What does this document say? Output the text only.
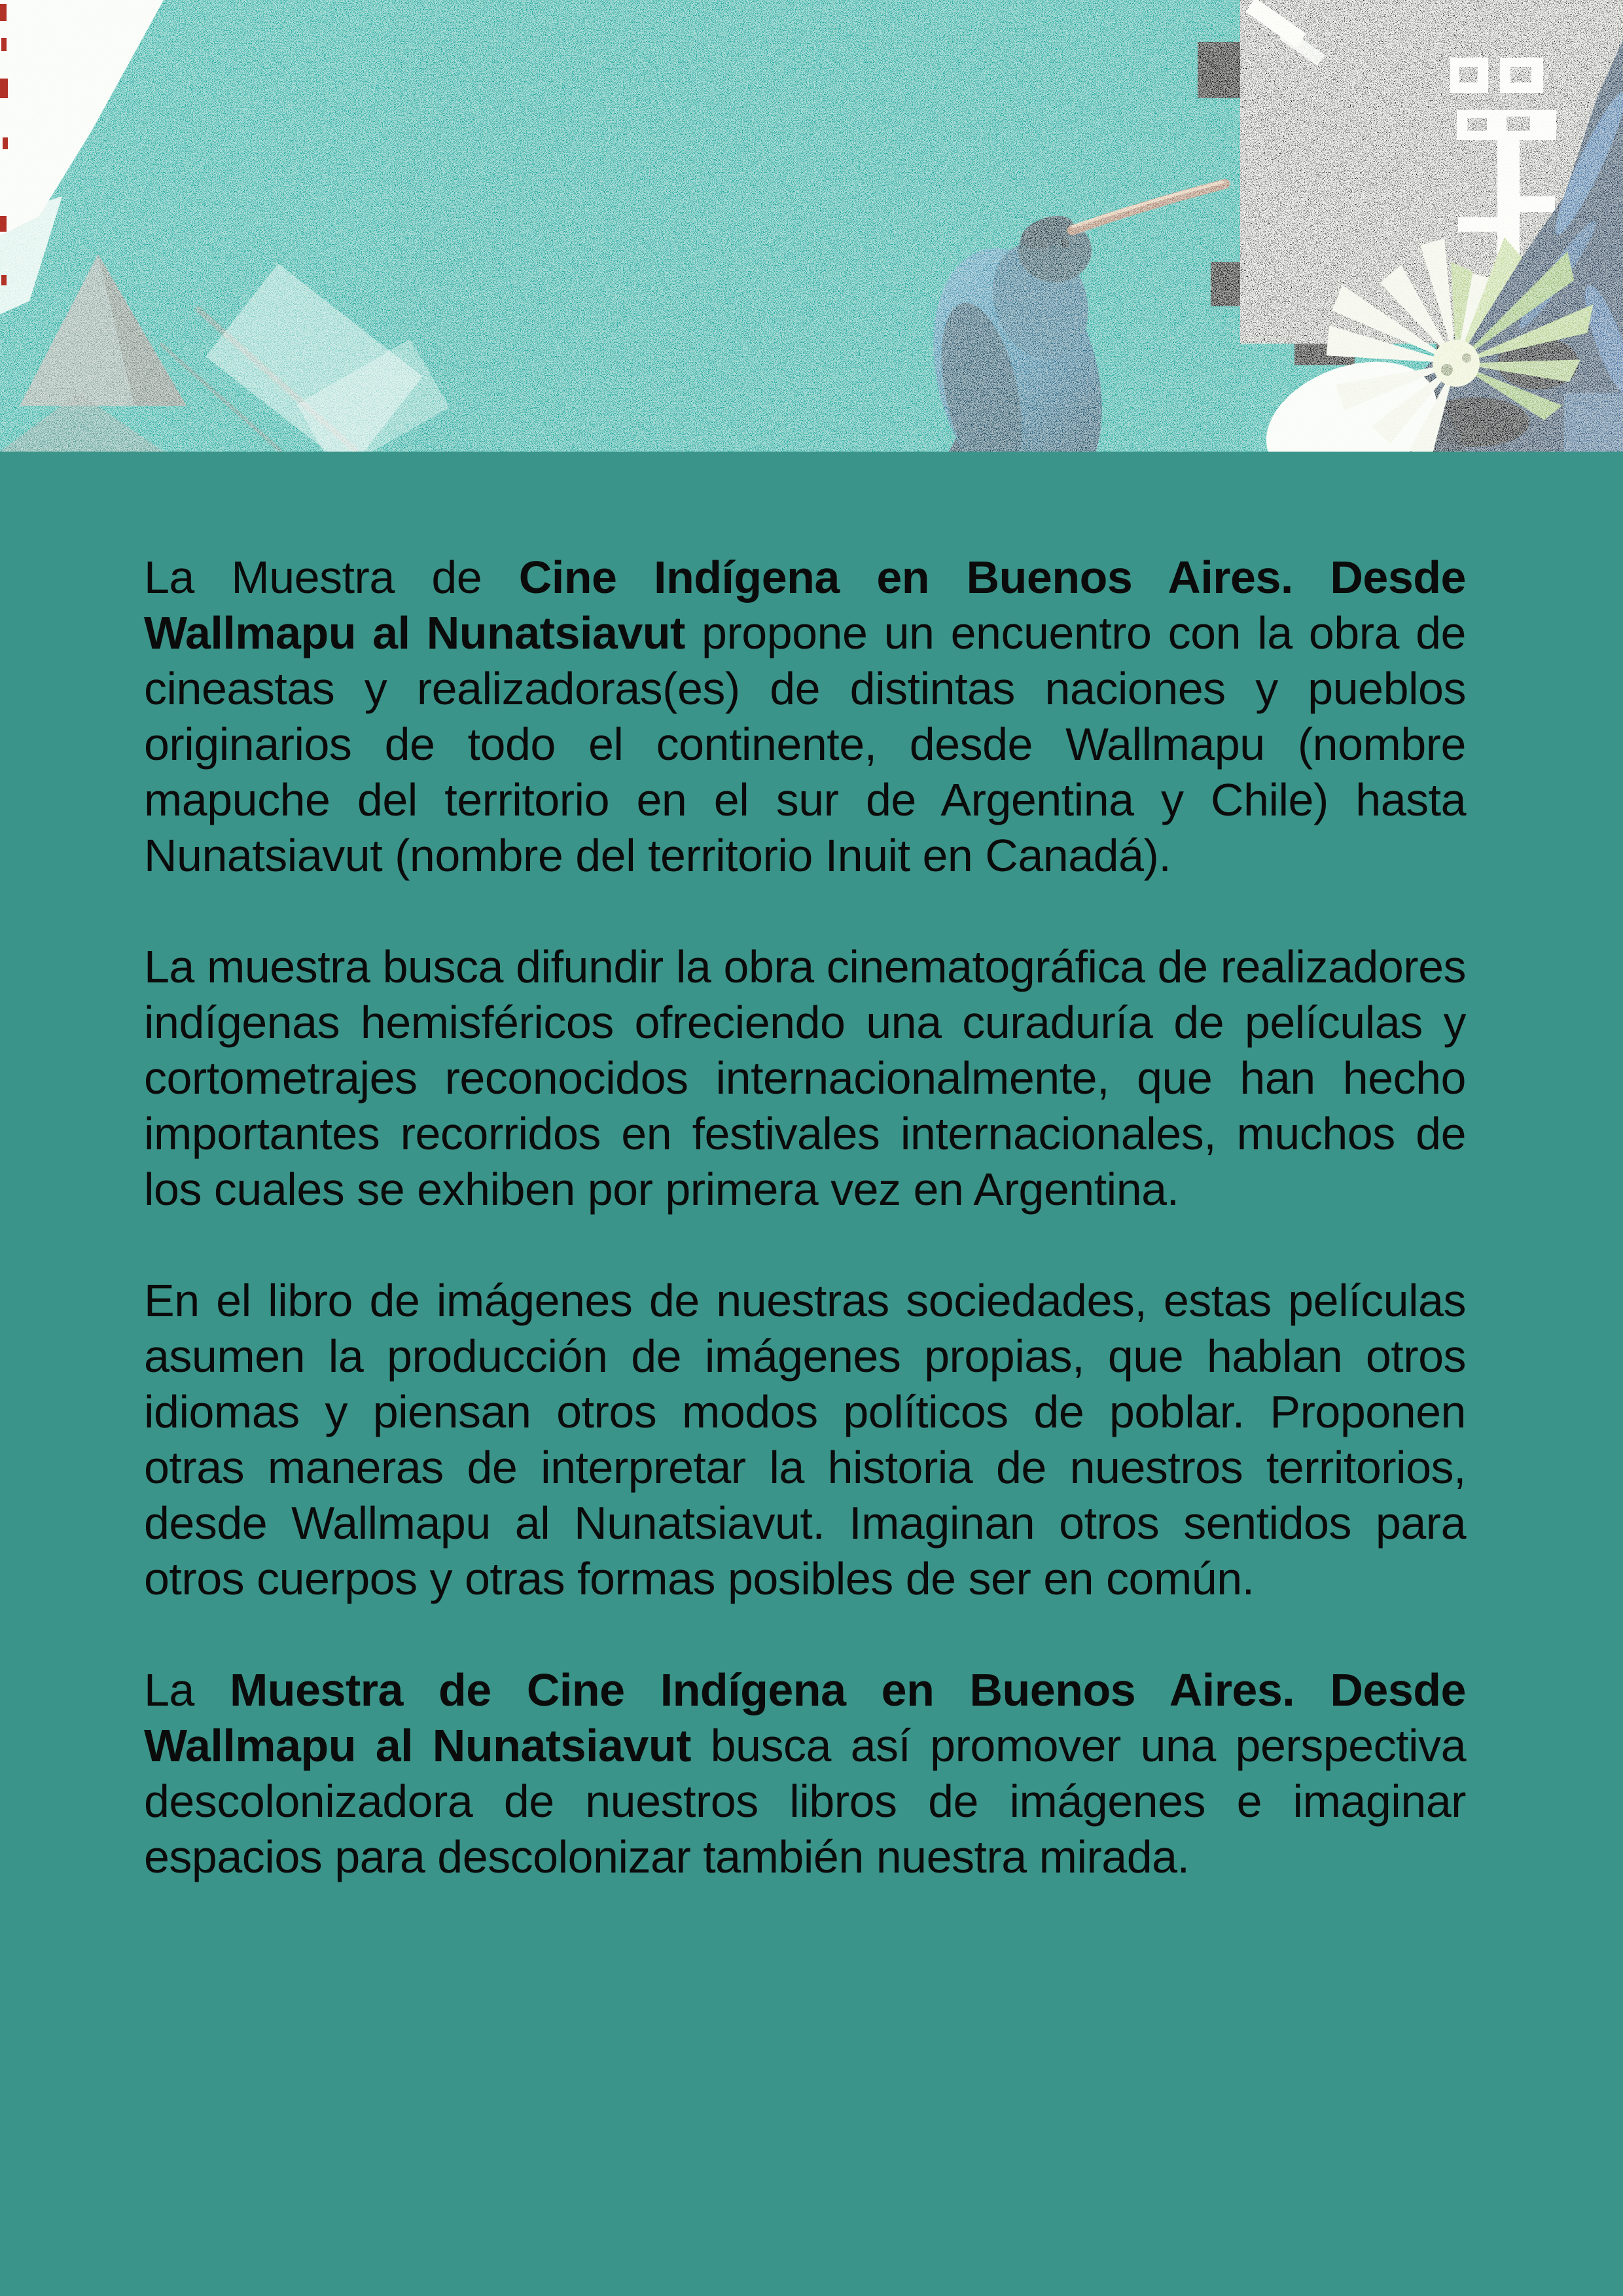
La Muestra de Cine Indígena en Buenos Aires. Desde Wallmapu al Nunatsiavut propone un encuentro con la obra de cineastas y realizadoras(es) de distintas naciones y pueblos originarios de todo el continente, desde Wallmapu (nombre mapuche del territorio en el sur de Argentina y Chile) hasta Nunatsiavut (nombre del territorio Inuit en Canadá).

La muestra busca difundir la obra cinematográfica de realizadores indígenas hemisféricos ofreciendo una curaduría de películas y cortometrajes reconocidos internacionalmente, que han hecho importantes recorridos en festivales internacionales, muchos de los cuales se exhiben por primera vez en Argentina.

En el libro de imágenes de nuestras sociedades, estas películas asumen la producción de imágenes propias, que hablan otros idiomas y piensan otros modos políticos de poblar. Proponen otras maneras de interpretar la historia de nuestros territorios, desde Wallmapu al Nunatsiavut. Imaginan otros sentidos para otros cuerpos y otras formas posibles de ser en común.

La Muestra de Cine Indígena en Buenos Aires. Desde Wallmapu al Nunatsiavut busca así promover una perspectiva descolonizadora de nuestros libros de imágenes e imaginar espacios para descolonizar también nuestra mirada.
